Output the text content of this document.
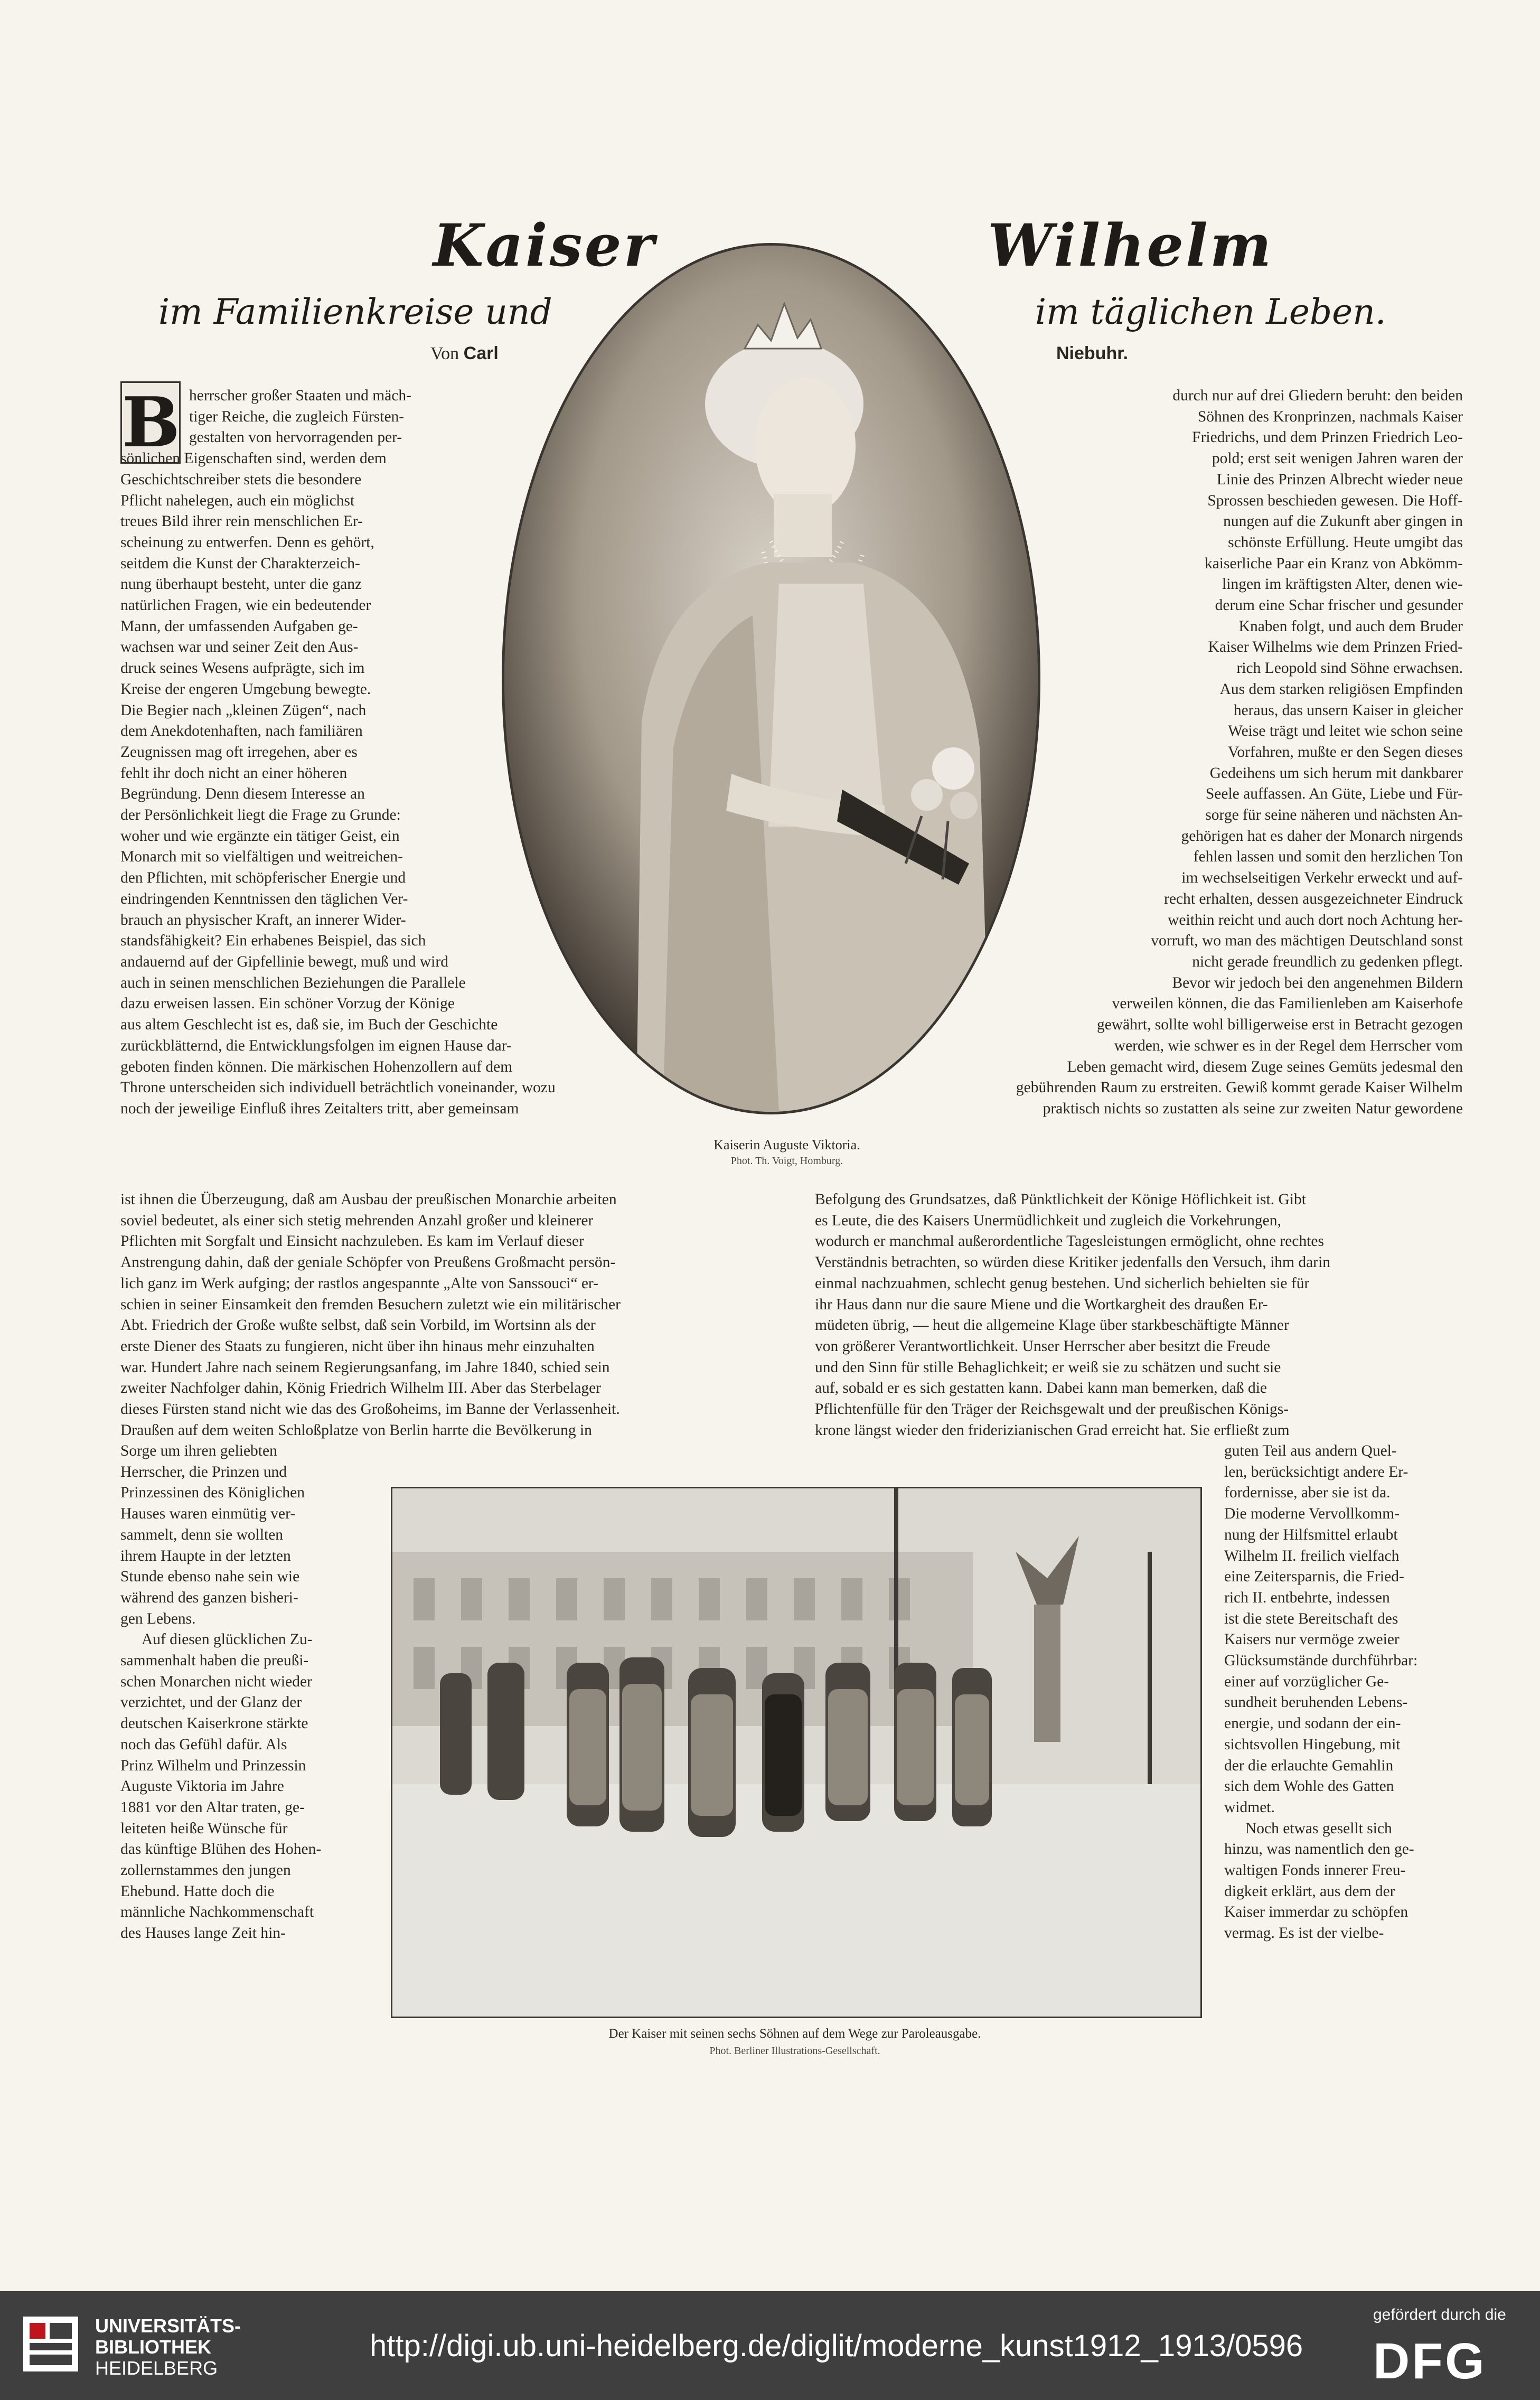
Kaiser	Wilhelm
im Familienkreise und	im täglichen Leben.
Von Carl	Niebuhr.
Kaiserin Auguste Viktoria.
Phot. Th. Voigt, Homburg.
B herrscher großer Staaten und mäch-
tiger Reiche, die zugleich Fürsten-
gestalten von hervorragenden per-
sönlichen Eigenschaften sind, werden dem
Geschichtschreiber stets die besondere
Pflicht nahelegen, auch ein möglichst
treues Bild ihrer rein menschlichen Er-
scheinung zu entwerfen. Denn es gehört,
seitdem die Kunst der Charakterzeich-
nung überhaupt besteht, unter die ganz
natürlichen Fragen, wie ein bedeutender
Mann, der umfassenden Aufgaben ge-
wachsen war und seiner Zeit den Aus-
druck seines Wesens aufprägte, sich im
Kreise der engeren Umgebung bewegte.
Die Begier nach „kleinen Zügen“, nach
dem Anekdotenhaften, nach familiären
Zeugnissen mag oft irregehen, aber es
fehlt ihr doch nicht an einer höheren
Begründung. Denn diesem Interesse an
der Persönlichkeit liegt die Frage zu Grunde:
woher und wie ergänzte ein tätiger Geist, ein
Monarch mit so vielfältigen und weitreichen-
den Pflichten, mit schöpferischer Energie und
eindringenden Kenntnissen den täglichen Ver-
brauch an physischer Kraft, an innerer Wider-
standsfähigkeit? Ein erhabenes Beispiel, das sich
andauernd auf der Gipfellinie bewegt, muß und wird
auch in seinen menschlichen Beziehungen die Parallele
dazu erweisen lassen. Ein schöner Vorzug der Könige
aus altem Geschlecht ist es, daß sie, im Buch der Geschichte
zurückblätternd, die Entwicklungsfolgen im eignen Hause dar-
geboten finden können. Die märkischen Hohenzollern auf dem
Throne unterscheiden sich individuell beträchtlich voneinander, wozu
noch der jeweilige Einfluß ihres Zeitalters tritt, aber gemeinsam
durch nur auf drei Gliedern beruht: den beiden
Söhnen des Kronprinzen, nachmals Kaiser
Friedrichs, und dem Prinzen Friedrich Leo-
pold; erst seit wenigen Jahren waren der
Linie des Prinzen Albrecht wieder neue
Sprossen beschieden gewesen. Die Hoff-
nungen auf die Zukunft aber gingen in
schönste Erfüllung. Heute umgibt das
kaiserliche Paar ein Kranz von Abkömm-
lingen im kräftigsten Alter, denen wie-
derum eine Schar frischer und gesunder
Knaben folgt, und auch dem Bruder
Kaiser Wilhelms wie dem Prinzen Fried-
rich Leopold sind Söhne erwachsen.
Aus dem starken religiösen Empfinden
heraus, das unsern Kaiser in gleicher
Weise trägt und leitet wie schon seine
Vorfahren, mußte er den Segen dieses
Gedeihens um sich herum mit dankbarer
Seele auffassen. An Güte, Liebe und Für-
sorge für seine näheren und nächsten An-
gehörigen hat es daher der Monarch nirgends
fehlen lassen und somit den herzlichen Ton
im wechselseitigen Verkehr erweckt und auf-
recht erhalten, dessen ausgezeichneter Eindruck
weithin reicht und auch dort noch Achtung her-
vorruft, wo man des mächtigen Deutschland sonst
nicht gerade freundlich zu gedenken pflegt.
Bevor wir jedoch bei den angenehmen Bildern
verweilen können, die das Familienleben am Kaiserhofe
gewährt, sollte wohl billigerweise erst in Betracht gezogen
werden, wie schwer es in der Regel dem Herrscher vom
Leben gemacht wird, diesem Zuge seines Gemüts jedesmal den
gebührenden Raum zu erstreiten. Gewiß kommt gerade Kaiser Wilhelm
praktisch nichts so zustatten als seine zur zweiten Natur gewordene
ist ihnen die Überzeugung, daß am Ausbau der preußischen Monarchie arbeiten
soviel bedeutet, als einer sich stetig mehrenden Anzahl großer und kleinerer
Pflichten mit Sorgfalt und Einsicht nachzuleben. Es kam im Verlauf dieser
Anstrengung dahin, daß der geniale Schöpfer von Preußens Großmacht persön-
lich ganz im Werk aufging; der rastlos angespannte „Alte von Sanssouci“ er-
schien in seiner Einsamkeit den fremden Besuchern zuletzt wie ein militärischer
Abt. Friedrich der Große wußte selbst, daß sein Vorbild, im Wortsinn als der
erste Diener des Staats zu fungieren, nicht über ihn hinaus mehr einzuhalten
war. Hundert Jahre nach seinem Regierungsanfang, im Jahre 1840, schied sein
zweiter Nachfolger dahin, König Friedrich Wilhelm III. Aber das Sterbelager
dieses Fürsten stand nicht wie das des Großoheims, im Banne der Verlassenheit.
Draußen auf dem weiten Schloßplatze von Berlin harrte die Bevölkerung in
Befolgung des Grundsatzes, daß Pünktlichkeit der Könige Höflichkeit ist. Gibt
es Leute, die des Kaisers Unermüdlichkeit und zugleich die Vorkehrungen,
wodurch er manchmal außerordentliche Tagesleistungen ermöglicht, ohne rechtes
Verständnis betrachten, so würden diese Kritiker jedenfalls den Versuch, ihm darin
einmal nachzuahmen, schlecht genug bestehen. Und sicherlich behielten sie für
ihr Haus dann nur die saure Miene und die Wortkargheit des draußen Er-
müdeten übrig, — heut die allgemeine Klage über starkbeschäftigte Männer
von größerer Verantwortlichkeit. Unser Herrscher aber besitzt die Freude
und den Sinn für stille Behaglichkeit; er weiß sie zu schätzen und sucht sie
auf, sobald er es sich gestatten kann. Dabei kann man bemerken, daß die
Pflichtenfülle für den Träger der Reichsgewalt und der preußischen Königs-
krone längst wieder den friderizianischen Grad erreicht hat. Sie erfließt zum
Sorge um ihren geliebten
Herrscher, die Prinzen und
Prinzessinen des Königlichen
Hauses waren einmütig ver-
sammelt, denn sie wollten
ihrem Haupte in der letzten
Stunde ebenso nahe sein wie
während des ganzen bisheri-
gen Lebens.
Auf diesen glücklichen Zu-
sammenhalt haben die preußi-
schen Monarchen nicht wieder
verzichtet, und der Glanz der
deutschen Kaiserkrone stärkte
noch das Gefühl dafür. Als
Prinz Wilhelm und Prinzessin
Auguste Viktoria im Jahre
1881 vor den Altar traten, ge-
leiteten heiße Wünsche für
das künftige Blühen des Hohen-
zollernstammes den jungen
Ehebund. Hatte doch die
männliche Nachkommenschaft
des Hauses lange Zeit hin-
guten Teil aus andern Quel-
len, berücksichtigt andere Er-
fordernisse, aber sie ist da.
Die moderne Vervollkomm-
nung der Hilfsmittel erlaubt
Wilhelm II. freilich vielfach
eine Zeitersparnis, die Fried-
rich II. entbehrte, indessen
ist die stete Bereitschaft des
Kaisers nur vermöge zweier
Glücksumstände durchführbar:
einer auf vorzüglicher Ge-
sundheit beruhenden Lebens-
energie, und sodann der ein-
sichtsvollen Hingebung, mit
der die erlauchte Gemahlin
sich dem Wohle des Gatten
widmet.
Noch etwas gesellt sich
hinzu, was namentlich den ge-
waltigen Fonds innerer Freu-
digkeit erklärt, aus dem der
Kaiser immerdar zu schöpfen
vermag. Es ist der vielbe-
Der Kaiser mit seinen sechs Söhnen auf dem Wege zur Paroleausgabe.
Phot. Berliner Illustrations-Gesellschaft.
UNIVERSITÄTS-
BIBLIOTHEK
HEIDELBERG
http://digi.ub.uni-heidelberg.de/diglit/moderne_kunst1912_1913/0596
gefördert durch die
DFG
